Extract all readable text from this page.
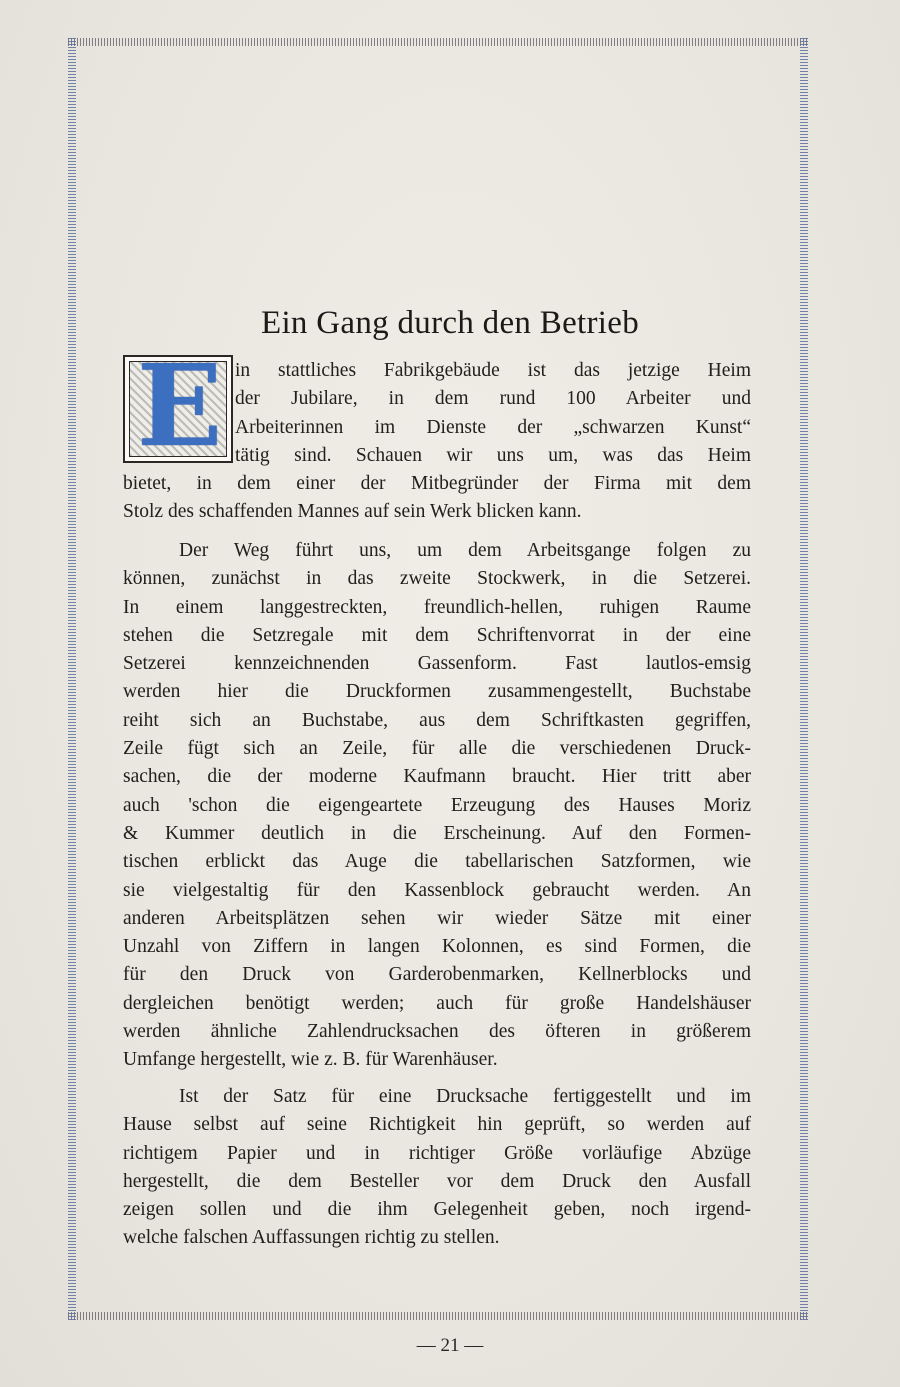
Ein Gang durch den Betrieb
E in stattliches Fabrikgebäude ist das jetzige Heim
der Jubilare, in dem rund 100 Arbeiter und
Arbeiterinnen im Dienste der „schwarzen Kunst“
tätig sind. Schauen wir uns um, was das Heim
bietet, in dem einer der Mitbegründer der Firma mit dem
Stolz des schaffenden Mannes auf sein Werk blicken kann.
Der Weg führt uns, um dem Arbeitsgange folgen zu
können, zunächst in das zweite Stockwerk, in die Setzerei.
In einem langgestreckten, freundlich-hellen, ruhigen Raume
stehen die Setzregale mit dem Schriftenvorrat in der eine
Setzerei kennzeichnenden Gassenform. Fast lautlos-emsig
werden hier die Druckformen zusammengestellt, Buchstabe
reiht sich an Buchstabe, aus dem Schriftkasten gegriffen,
Zeile fügt sich an Zeile, für alle die verschiedenen Druck-
sachen, die der moderne Kaufmann braucht. Hier tritt aber
auch 'schon die eigengeartete Erzeugung des Hauses Moriz
& Kummer deutlich in die Erscheinung. Auf den Formen-
tischen erblickt das Auge die tabellarischen Satzformen, wie
sie vielgestaltig für den Kassenblock gebraucht werden. An
anderen Arbeitsplätzen sehen wir wieder Sätze mit einer
Unzahl von Ziffern in langen Kolonnen, es sind Formen, die
für den Druck von Garderobenmarken, Kellnerblocks und
dergleichen benötigt werden; auch für große Handelshäuser
werden ähnliche Zahlendrucksachen des öfteren in größerem
Umfange hergestellt, wie z. B. für Warenhäuser.
Ist der Satz für eine Drucksache fertiggestellt und im
Hause selbst auf seine Richtigkeit hin geprüft, so werden auf
richtigem Papier und in richtiger Größe vorläufige Abzüge
hergestellt, die dem Besteller vor dem Druck den Ausfall
zeigen sollen und die ihm Gelegenheit geben, noch irgend-
welche falschen Auffassungen richtig zu stellen.
— 21 —
